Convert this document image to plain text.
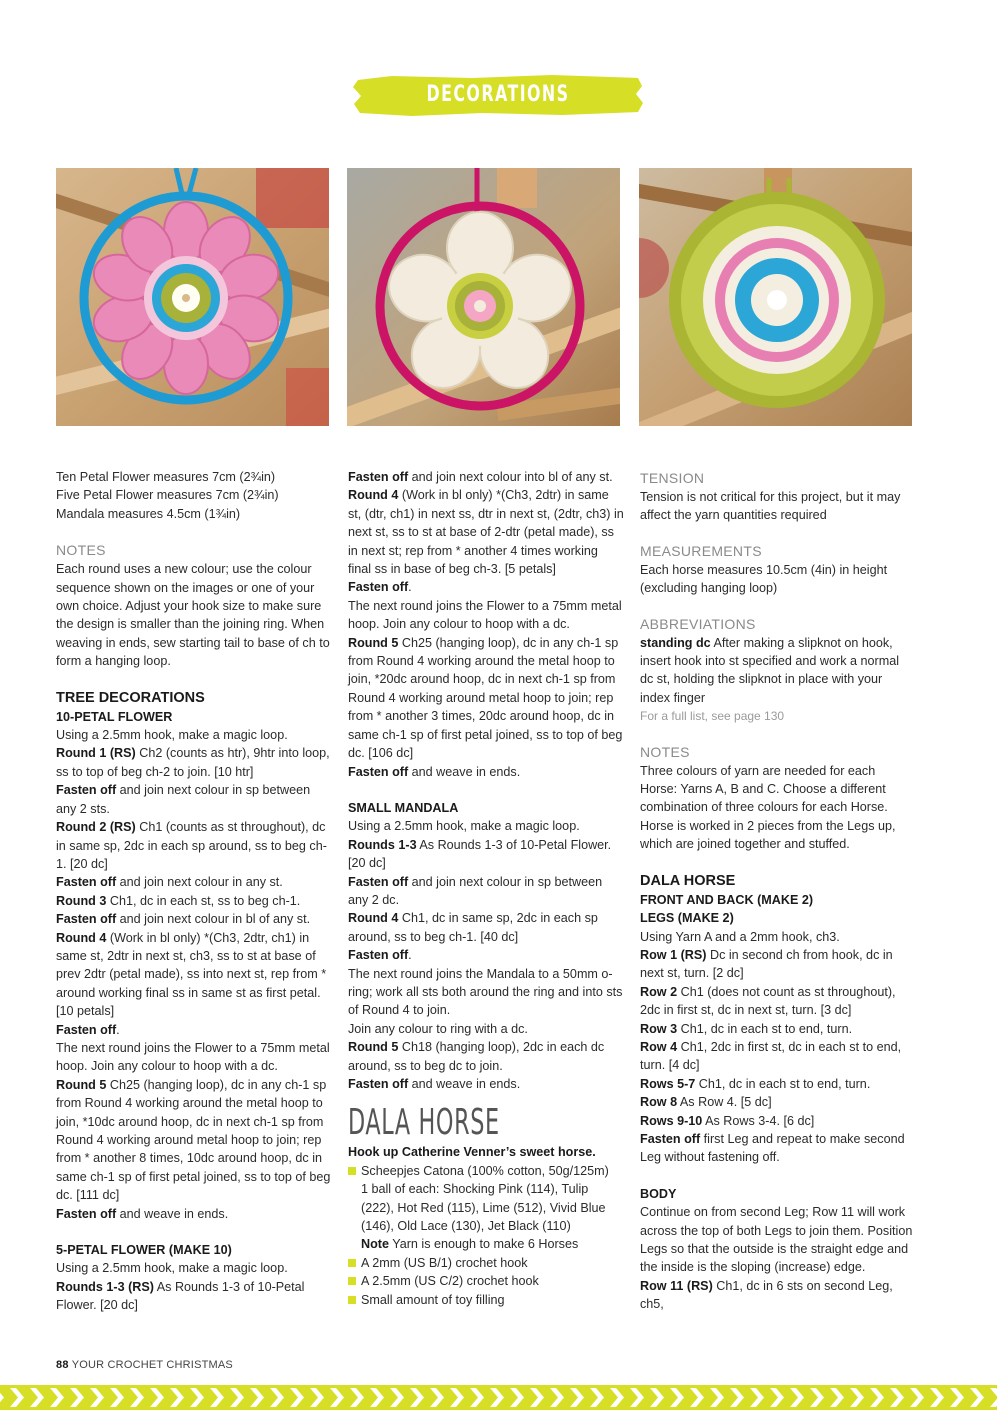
DECORATIONS

Ten Petal Flower measures 7cm (2¾in)

Five Petal Flower measures 7cm (2¾in)

Mandala measures 4.5cm (1¾in)

NOTES

Each round uses a new colour; use the colour sequence shown on the images or one of your own choice. Adjust your hook size to make sure the design is smaller than the joining ring. When weaving in ends, sew starting tail to base of ch to form a hanging loop.

TREE DECORATIONS
10-PETAL FLOWER

Using a 2.5mm hook, make a magic loop.

Round 1 (RS) Ch2 (counts as htr), 9htr into loop, ss to top of beg ch-2 to join. [10 htr]

Fasten off and join next colour in sp between any 2 sts.

Round 2 (RS) Ch1 (counts as st throughout), dc in same sp, 2dc in each sp around, ss to beg ch-1. [20 dc]

Fasten off and join next colour in any st.

Round 3 Ch1, dc in each st, ss to beg ch-1.

Fasten off and join next colour in bl of any st.

Round 4 (Work in bl only) *(Ch3, 2dtr, ch1) in same st, 2dtr in next st, ch3, ss to st at base of prev 2dtr (petal made), ss into next st, rep from * around working final ss in same st as first petal. [10 petals]

Fasten off.

The next round joins the Flower to a 75mm metal hoop. Join any colour to hoop with a dc.

Round 5 Ch25 (hanging loop), dc in any ch-1 sp from Round 4 working around the metal hoop to join, *10dc around hoop, dc in next ch-1 sp from Round 4 working around metal hoop to join; rep from * another 8 times, 10dc around hoop, dc in same ch-1 sp of first petal joined, ss to top of beg dc. [111 dc]

Fasten off and weave in ends.

5-PETAL FLOWER (MAKE 10)

Using a 2.5mm hook, make a magic loop.

Rounds 1-3 (RS) As Rounds 1-3 of 10-Petal Flower. [20 dc]

Fasten off and join next colour into bl of any st.

Round 4 (Work in bl only) *(Ch3, 2dtr) in same st, (dtr, ch1) in next ss, dtr in next st, (2dtr, ch3) in next st, ss to st at base of 2-dtr (petal made), ss in next st; rep from * another 4 times working final ss in base of beg ch-3. [5 petals]

Fasten off.

The next round joins the Flower to a 75mm metal hoop. Join any colour to hoop with a dc.

Round 5 Ch25 (hanging loop), dc in any ch-1 sp from Round 4 working around the metal hoop to join, *20dc around hoop, dc in next ch-1 sp from Round 4 working around metal hoop to join; rep from * another 3 times, 20dc around hoop, dc in same ch-1 sp of first petal joined, ss to top of beg dc. [106 dc]

Fasten off and weave in ends.

SMALL MANDALA

Using a 2.5mm hook, make a magic loop.

Rounds 1-3 As Rounds 1-3 of 10-Petal Flower. [20 dc]

Fasten off and join next colour in sp between any 2 dc.

Round 4 Ch1, dc in same sp, 2dc in each sp around, ss to beg ch-1. [40 dc]

Fasten off.

The next round joins the Mandala to a 50mm o-ring; work all sts both around the ring and into sts of Round 4 to join.

Join any colour to ring with a dc.

Round 5 Ch18 (hanging loop), 2dc in each dc around, ss to beg dc to join.

Fasten off and weave in ends.

DALA HORSE

Hook up Catherine Venner’s sweet horse.

Scheepjes Catona (100% cotton, 50g/125m)

1 ball of each: Shocking Pink (114), Tulip (222), Hot Red (115), Lime (512), Vivid Blue (146), Old Lace (130), Jet Black (110)

Note Yarn is enough to make 6 Horses

A 2mm (US B/1) crochet hook

A 2.5mm (US C/2) crochet hook

Small amount of toy filling

TENSION

Tension is not critical for this project, but it may affect the yarn quantities required

MEASUREMENTS

Each horse measures 10.5cm (4in) in height (excluding hanging loop)

ABBREVIATIONS

standing dc After making a slipknot on hook, insert hook into st specified and work a normal dc st, holding the slipknot in place with your index finger

For a full list, see page 130

NOTES

Three colours of yarn are needed for each Horse: Yarns A, B and C. Choose a different combination of three colours for each Horse. Horse is worked in 2 pieces from the Legs up, which are joined together and stuffed.

DALA HORSE
FRONT AND BACK (MAKE 2)
LEGS (MAKE 2)

Using Yarn A and a 2mm hook, ch3.

Row 1 (RS) Dc in second ch from hook, dc in next st, turn. [2 dc]

Row 2 Ch1 (does not count as st throughout), 2dc in first st, dc in next st, turn. [3 dc]

Row 3 Ch1, dc in each st to end, turn.

Row 4 Ch1, 2dc in first st, dc in each st to end, turn. [4 dc]

Rows 5-7 Ch1, dc in each st to end, turn.

Row 8 As Row 4. [5 dc]

Rows 9-10 As Rows 3-4. [6 dc]

Fasten off first Leg and repeat to make second Leg without fastening off.

BODY

Continue on from second Leg; Row 11 will work across the top of both Legs to join them. Position Legs so that the outside is the straight edge and the inside is the sloping (increase) edge.

Row 11 (RS) Ch1, dc in 6 sts on second Leg, ch5,

88 YOUR CROCHET CHRISTMAS
